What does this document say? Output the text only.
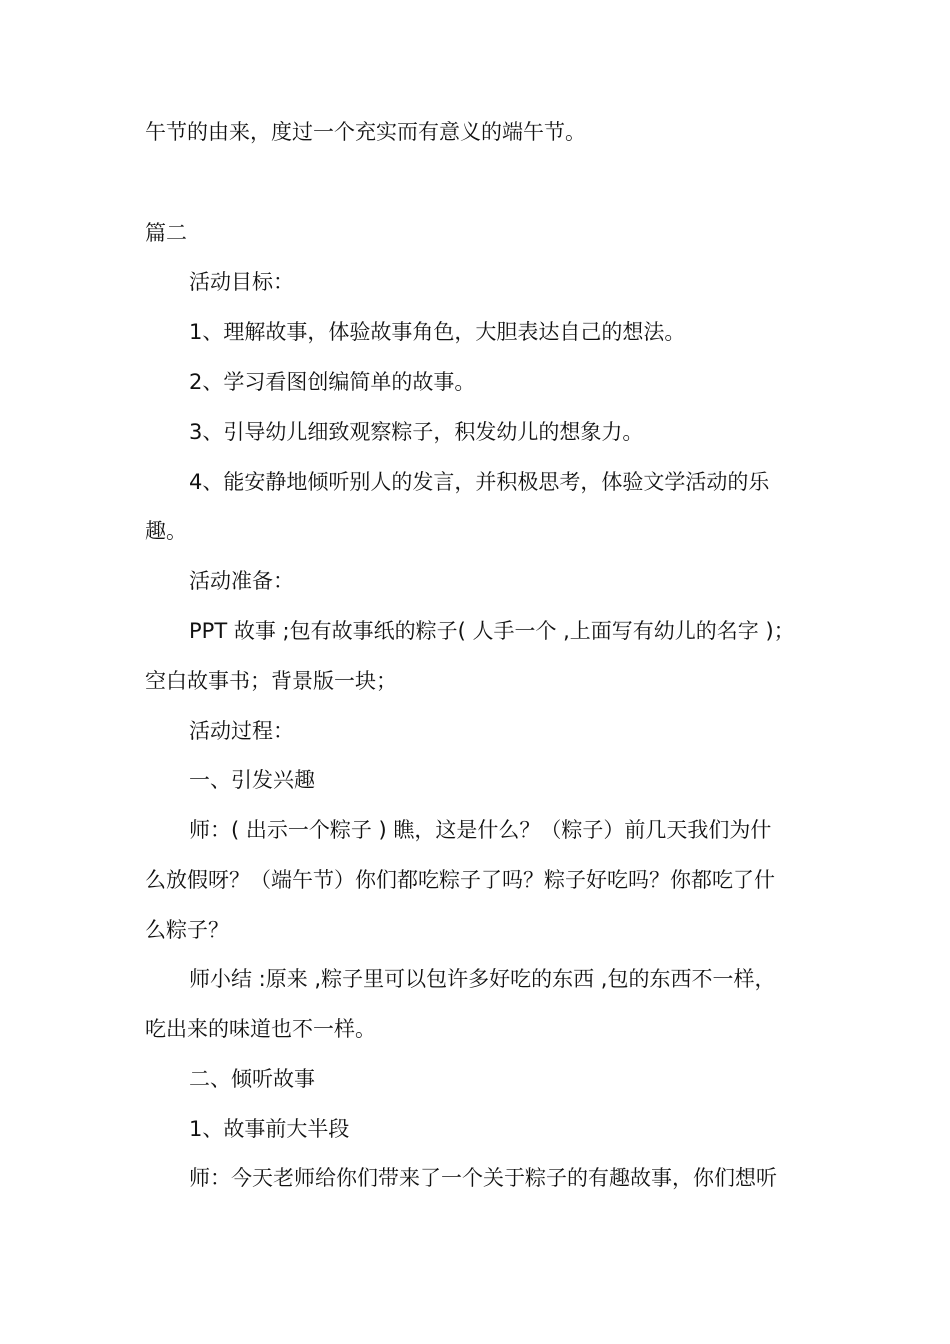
午节的由来，度过一个充实而有意义的端午节。
篇二
活动目标：
1、理解故事，体验故事角色，大胆表达自己的想法。
2、学习看图创编简单的故事。
3、引导幼儿细致观察粽子，积发幼儿的想象力。
4、能安静地倾听别人的发言，并积极思考，体验文学活动的乐
趣。
活动准备：
PPT 故事 ;包有故事纸的粽子( 人手一个 ,上面写有幼儿的名字 )；
空白故事书；背景版一块；
活动过程：
一、引发兴趣
师：( 出示一个粽子 ) 瞧，这是什么？（粽子）前几天我们为什
么放假呀？（端午节）你们都吃粽子了吗？粽子好吃吗？你都吃了什
么粽子？
师小结 :原来 ,粽子里可以包许多好吃的东西 ,包的东西不一样，
吃出来的味道也不一样。
二、倾听故事
1、故事前大半段
师：今天老师给你们带来了一个关于粽子的有趣故事，你们想听
